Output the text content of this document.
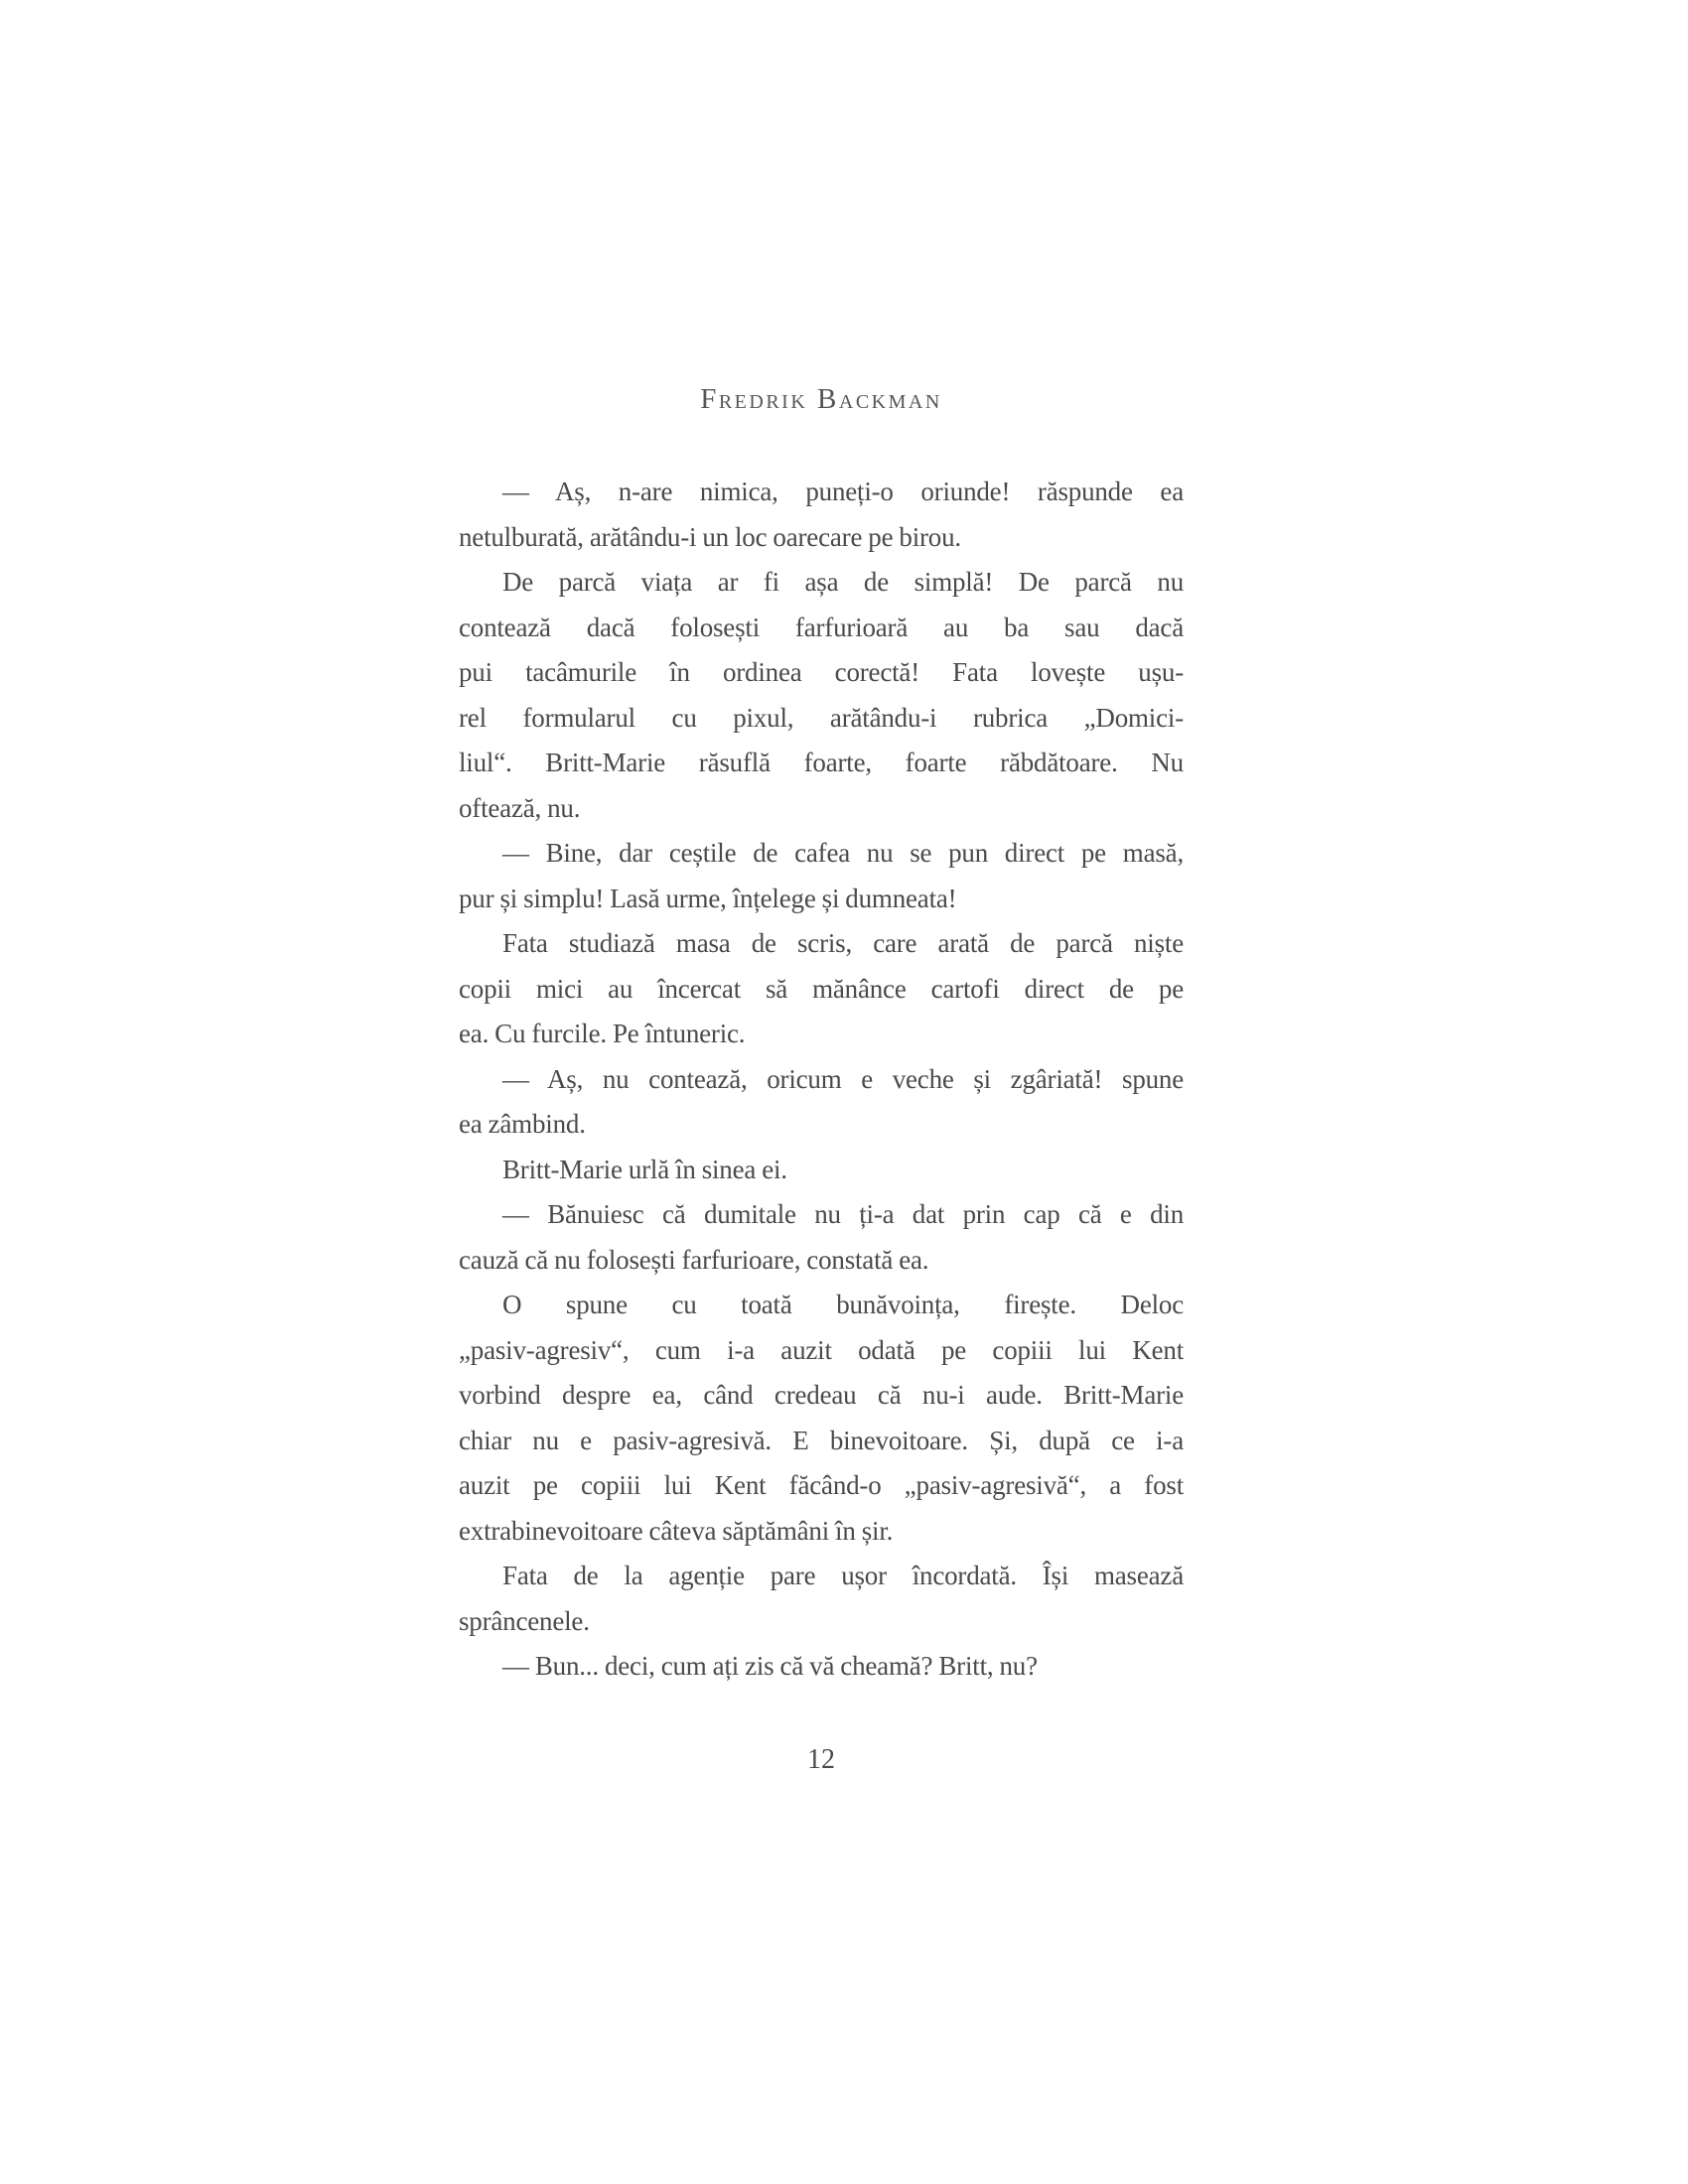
Fredrik Backman
— Aș, n-are nimica, puneți-o oriunde! răspunde ea
netulburată, arătându-i un loc oarecare pe birou.
De parcă viața ar fi așa de simplă! De parcă nu
contează dacă folosești farfurioară au ba sau dacă
pui tacâmurile în ordinea corectă! Fata lovește ușu-
rel formularul cu pixul, arătându-i rubrica „Domici-
liul“. Britt-Marie răsuflă foarte, foarte răbdătoare. Nu
oftează, nu.
— Bine, dar ceștile de cafea nu se pun direct pe masă,
pur și simplu! Lasă urme, înțelege și dumneata!
Fata studiază masa de scris, care arată de parcă niște
copii mici au încercat să mănânce cartofi direct de pe
ea. Cu furcile. Pe întuneric.
— Aș, nu contează, oricum e veche și zgâriată! spune
ea zâmbind.
Britt-Marie urlă în sinea ei.
— Bănuiesc că dumitale nu ți-a dat prin cap că e din
cauză că nu folosești farfurioare, constată ea.
O spune cu toată bunăvoința, firește. Deloc
„pasiv-agresiv“, cum i-a auzit odată pe copiii lui Kent
vorbind despre ea, când credeau că nu-i aude. Britt-Marie
chiar nu e pasiv-agresivă. E binevoitoare. Și, după ce i-a
auzit pe copiii lui Kent făcând-o „pasiv-agresivă“, a fost
extrabinevoitoare câteva săptămâni în șir.
Fata de la agenție pare ușor încordată. Își masează
sprâncenele.
— Bun... deci, cum ați zis că vă cheamă? Britt, nu?
12
